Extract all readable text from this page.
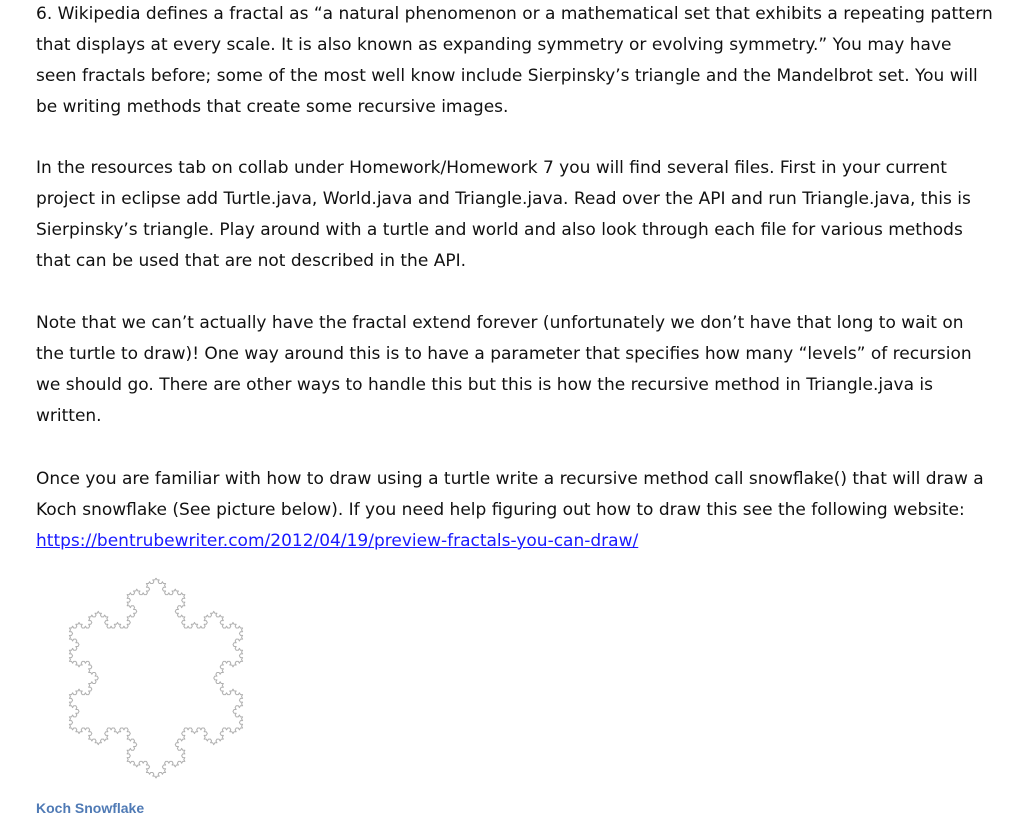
6. Wikipedia defines a fractal as “a natural phenomenon or a mathematical set that exhibits a repeating pattern that displays at every scale. It is also known as expanding symmetry or evolving symmetry.” You may have seen fractals before; some of the most well know include Sierpinsky’s triangle and the Mandelbrot set. You will be writing methods that create some recursive images.

In the resources tab on collab under Homework/Homework 7 you will find several files. First in your current project in eclipse add Turtle.java, World.java and Triangle.java. Read over the API and run Triangle.java, this is Sierpinsky’s triangle. Play around with a turtle and world and also look through each file for various methods that can be used that are not described in the API.

Note that we can’t actually have the fractal extend forever (unfortunately we don’t have that long to wait on the turtle to draw)! One way around this is to have a parameter that specifies how many “levels” of recursion we should go. There are other ways to handle this but this is how the recursive method in Triangle.java is written.

Once you are familiar with how to draw using a turtle write a recursive method call snowflake() that will draw a Koch snowflake (See picture below). If you need help figuring out how to draw this see the following website: https://bentrubewriter.com/2012/04/19/preview-fractals-you-can-draw/

Koch Snowflake
